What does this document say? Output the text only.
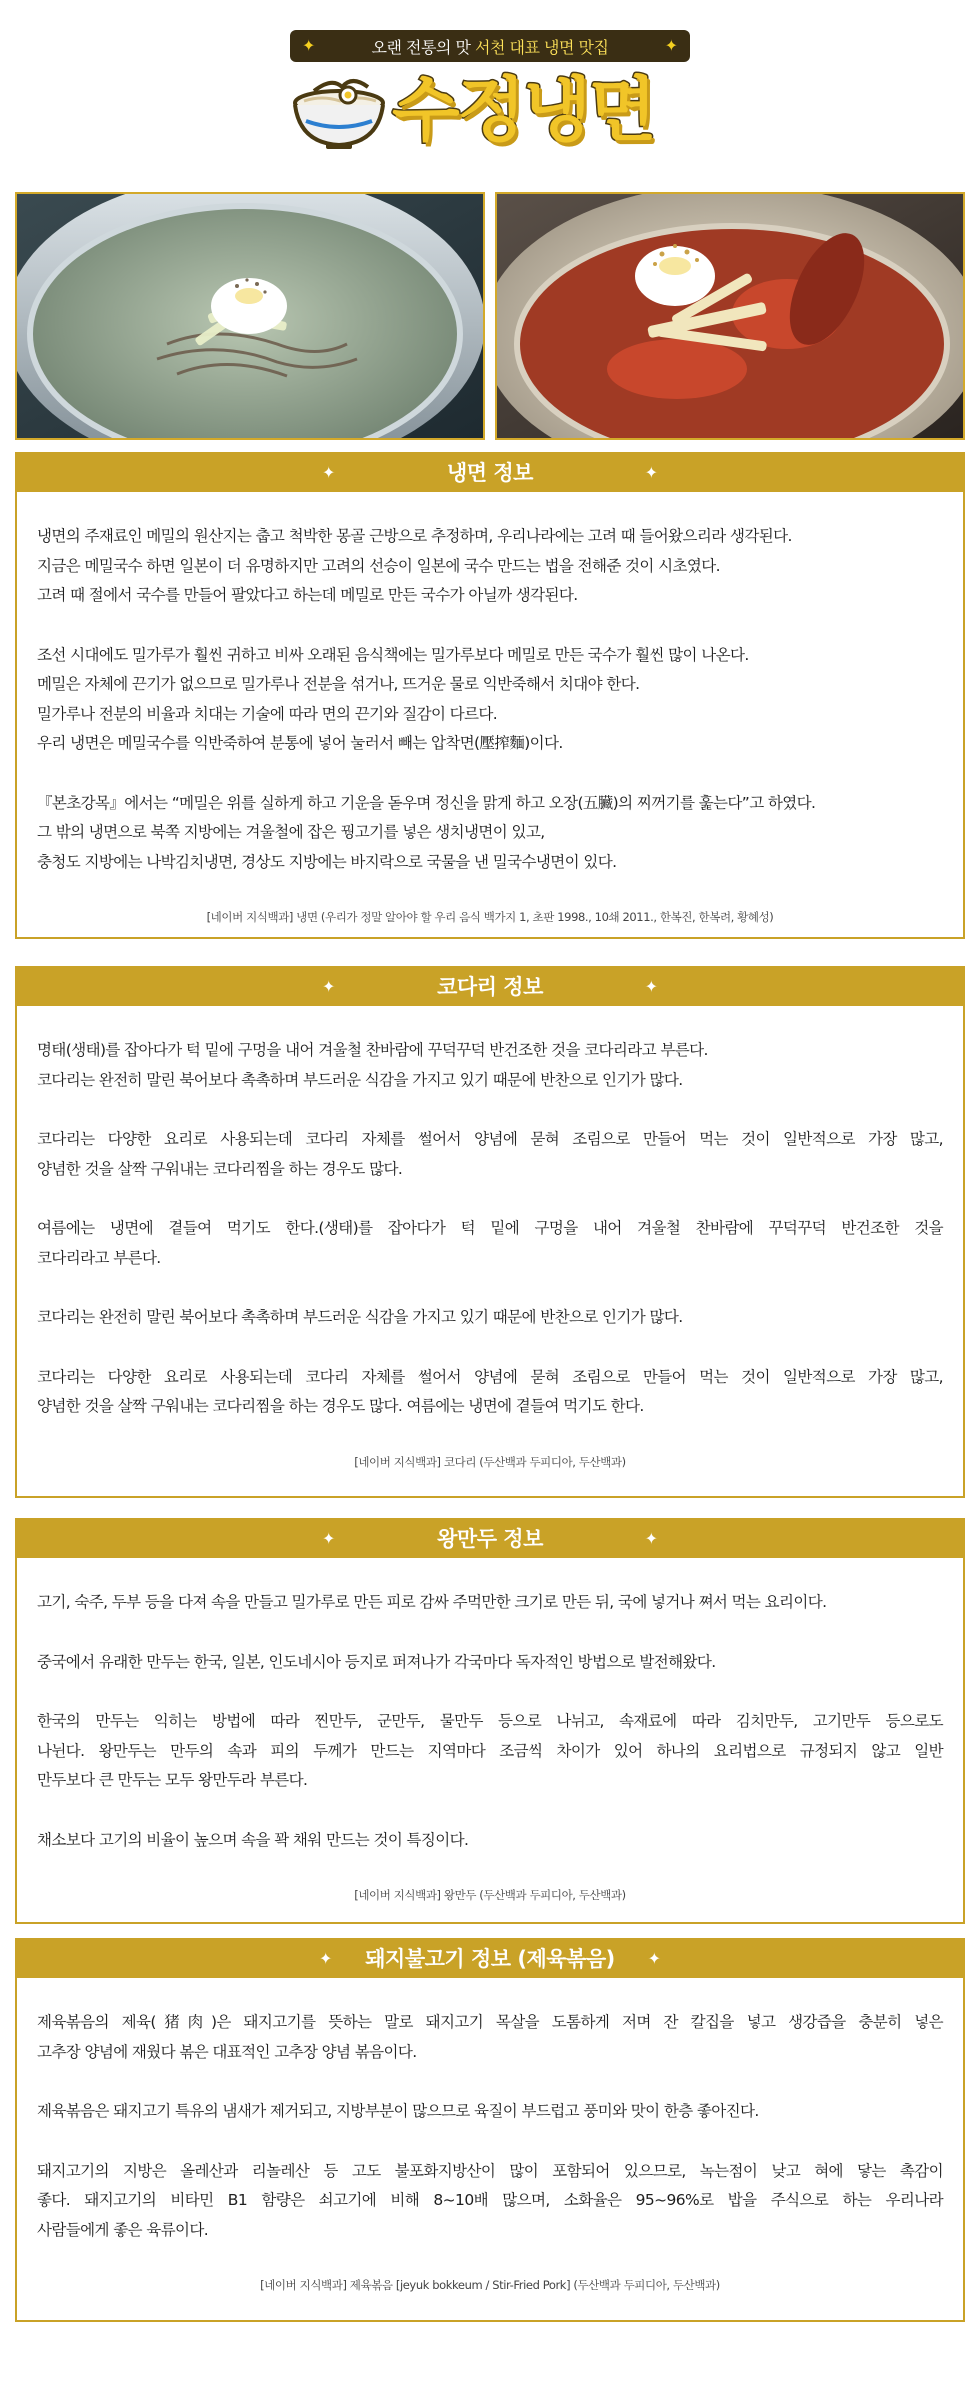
✦	오랜 전통의 맛 서천 대표 냉면 맛집	✦
수정냉면
✦	냉면 정보	✦
냉면의 주재료인 메밀의 원산지는 춥고 척박한 몽골 근방으로 추정하며, 우리나라에는 고려 때 들어왔으리라 생각된다.
지금은 메밀국수 하면 일본이 더 유명하지만 고려의 선승이 일본에 국수 만드는 법을 전해준 것이 시초였다.
고려 때 절에서 국수를 만들어 팔았다고 하는데 메밀로 만든 국수가 아닐까 생각된다.
조선 시대에도 밀가루가 훨씬 귀하고 비싸 오래된 음식책에는 밀가루보다 메밀로 만든 국수가 훨씬 많이 나온다.
메밀은 자체에 끈기가 없으므로 밀가루나 전분을 섞거나, 뜨거운 물로 익반죽해서 치대야 한다.
밀가루나 전분의 비율과 치대는 기술에 따라 면의 끈기와 질감이 다르다.
우리 냉면은 메밀국수를 익반죽하여 분통에 넣어 눌러서 빼는 압착면(壓搾麵)이다.
『본초강목』에서는 “메밀은 위를 실하게 하고 기운을 돋우며 정신을 맑게 하고 오장(五臟)의 찌꺼기를 훑는다”고 하였다.
그 밖의 냉면으로 북쪽 지방에는 겨울철에 잡은 꿩고기를 넣은 생치냉면이 있고,
충청도 지방에는 나박김치냉면, 경상도 지방에는 바지락으로 국물을 낸 밀국수냉면이 있다.
[네이버 지식백과] 냉면 (우리가 정말 알아야 할 우리 음식 백가지 1, 초판 1998., 10쇄 2011., 한복진, 한복려, 황혜성)
✦	코다리 정보	✦
명태(생태)를 잡아다가 턱 밑에 구멍을 내어 겨울철 찬바람에 꾸덕꾸덕 반건조한 것을 코다리라고 부른다.
코다리는 완전히 말린 북어보다 촉촉하며 부드러운 식감을 가지고 있기 때문에 반찬으로 인기가 많다.
코다리는 다양한 요리로 사용되는데 코다리 자체를 썰어서 양념에 묻혀 조림으로 만들어 먹는 것이 일반적으로 가장 많고,
양념한 것을 살짝 구워내는 코다리찜을 하는 경우도 많다.
여름에는 냉면에 곁들여 먹기도 한다.(생태)를 잡아다가 턱 밑에 구멍을 내어 겨울철 찬바람에 꾸덕꾸덕 반건조한 것을
코다리라고 부른다.
코다리는 완전히 말린 북어보다 촉촉하며 부드러운 식감을 가지고 있기 때문에 반찬으로 인기가 많다.
코다리는 다양한 요리로 사용되는데 코다리 자체를 썰어서 양념에 묻혀 조림으로 만들어 먹는 것이 일반적으로 가장 많고,
양념한 것을 살짝 구워내는 코다리찜을 하는 경우도 많다. 여름에는 냉면에 곁들여 먹기도 한다.
[네이버 지식백과] 코다리 (두산백과 두피디아, 두산백과)
✦	왕만두 정보	✦
고기, 숙주, 두부 등을 다져 속을 만들고 밀가루로 만든 피로 감싸 주먹만한 크기로 만든 뒤, 국에 넣거나 쪄서 먹는 요리이다.
중국에서 유래한 만두는 한국, 일본, 인도네시아 등지로 퍼져나가 각국마다 독자적인 방법으로 발전해왔다.
한국의 만두는 익히는 방법에 따라 찐만두, 군만두, 물만두 등으로 나뉘고, 속재료에 따라 김치만두, 고기만두 등으로도
나뉜다. 왕만두는 만두의 속과 피의 두께가 만드는 지역마다 조금씩 차이가 있어 하나의 요리법으로 규정되지 않고 일반
만두보다 큰 만두는 모두 왕만두라 부른다.
채소보다 고기의 비율이 높으며 속을 꽉 채워 만드는 것이 특징이다.
[네이버 지식백과] 왕만두 (두산백과 두피디아, 두산백과)
✦ 돼지불고기 정보 (제육볶음) ✦
제육볶음의 제육(猪肉)은 돼지고기를 뜻하는 말로 돼지고기 목살을 도톰하게 저며 잔 칼집을 넣고 생강즙을 충분히 넣은
고추장 양념에 재웠다 볶은 대표적인 고추장 양념 볶음이다.
제육볶음은 돼지고기 특유의 냄새가 제거되고, 지방부분이 많으므로 육질이 부드럽고 풍미와 맛이 한층 좋아진다.
돼지고기의 지방은 올레산과 리놀레산 등 고도 불포화지방산이 많이 포함되어 있으므로, 녹는점이 낮고 혀에 닿는 촉감이
좋다. 돼지고기의 비타민 B1 함량은 쇠고기에 비해 8~10배 많으며, 소화율은 95~96%로 밥을 주식으로 하는 우리나라
사람들에게 좋은 육류이다.
[네이버 지식백과] 제육볶음 [jeyuk bokkeum / Stir-Fried Pork] (두산백과 두피디아, 두산백과)
